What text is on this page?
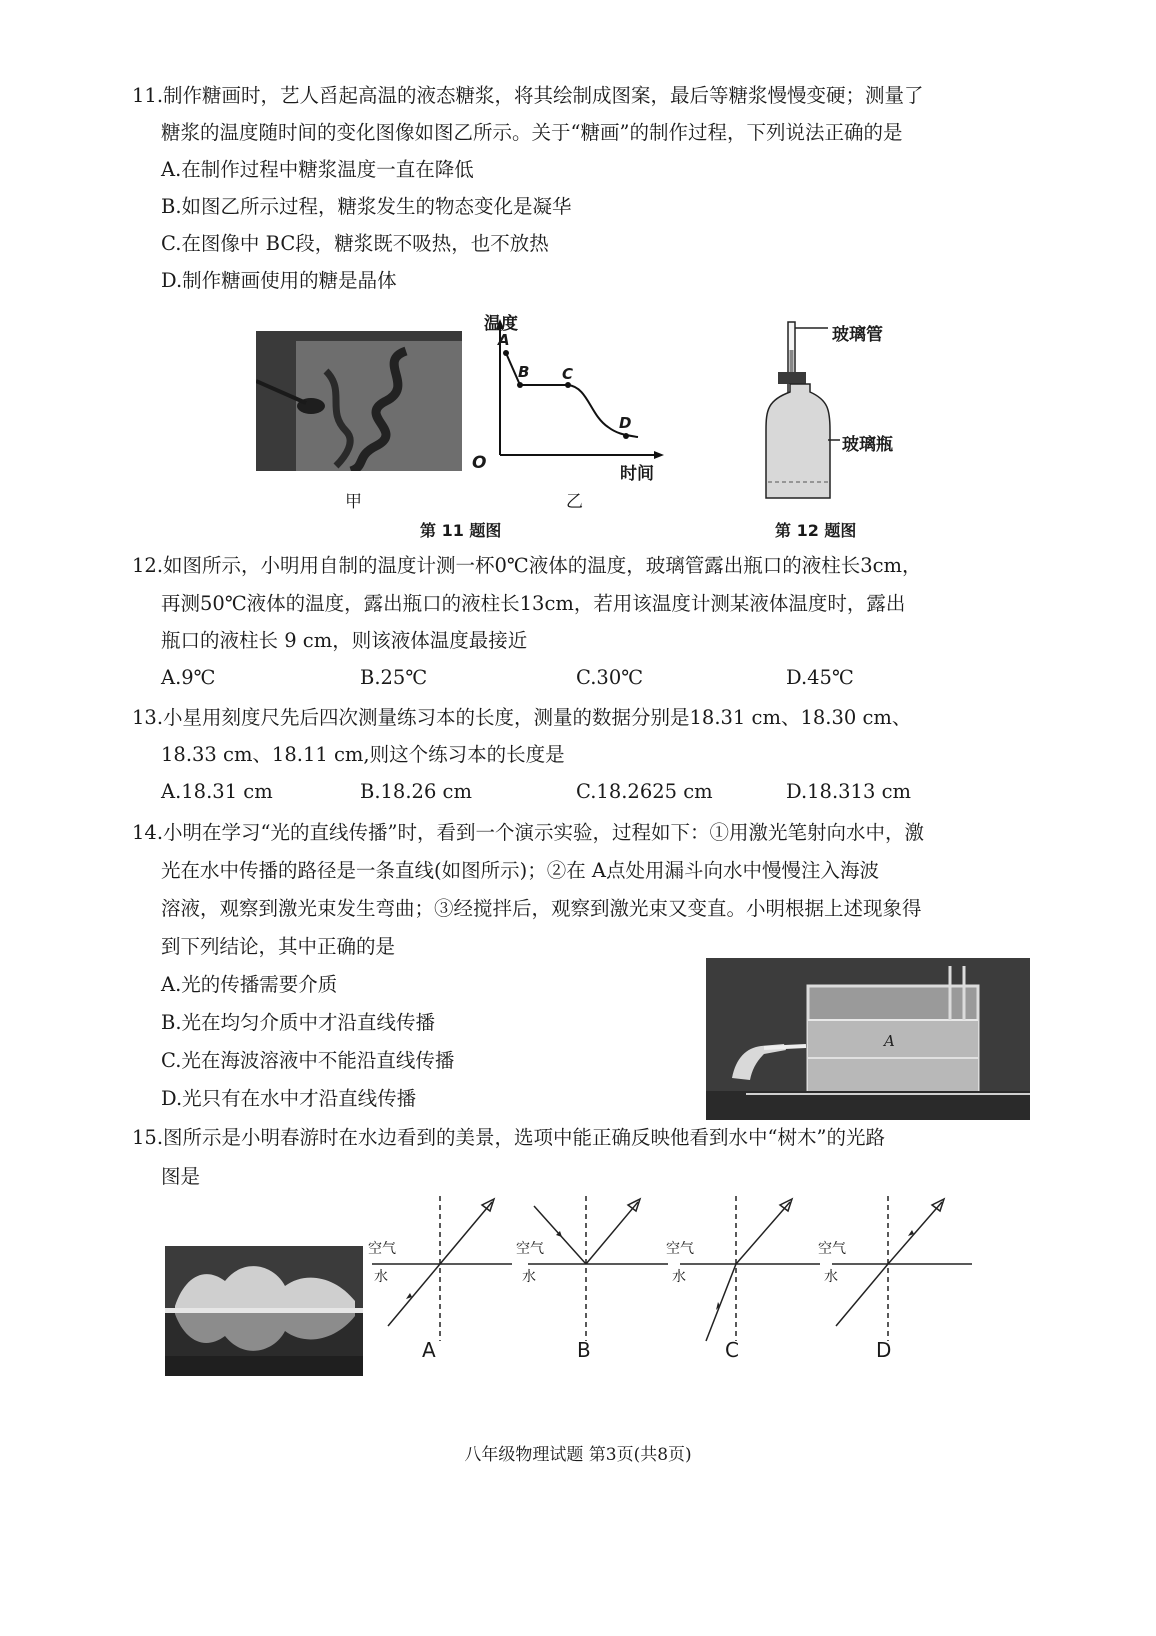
11.制作糖画时，艺人舀起高温的液态糖浆，将其绘制成图案，最后等糖浆慢慢变硬；测量了
糖浆的温度随时间的变化图像如图乙所示。关于“糖画”的制作过程，下列说法正确的是
A.在制作过程中糖浆温度一直在降低
B.如图乙所示过程，糖浆发生的物态变化是凝华
C.在图像中 BC段，糖浆既不吸热，也不放热
D.制作糖画使用的糖是晶体
甲
温度
时间
O
A
B C
D
乙
第 11 题图
玻璃管
玻璃瓶
第 12 题图
12.如图所示，小明用自制的温度计测一杯0℃液体的温度，玻璃管露出瓶口的液柱长3cm，
再测50℃液体的温度，露出瓶口的液柱长13cm，若用该温度计测某液体温度时，露出
瓶口的液柱长 9 cm，则该液体温度最接近
A.9℃	B.25℃	C.30℃	D.45℃
13.小星用刻度尺先后四次测量练习本的长度，测量的数据分别是18.31 cm、18.30 cm、
18.33 cm、18.11 cm,则这个练习本的长度是
A.18.31 cm	B.18.26 cm	C.18.2625 cm	D.18.313 cm
14.小明在学习“光的直线传播”时，看到一个演示实验，过程如下：①用激光笔射向水中，激
光在水中传播的路径是一条直线(如图所示)；②在 A点处用漏斗向水中慢慢注入海波
溶液，观察到激光束发生弯曲；③经搅拌后，观察到激光束又变直。小明根据上述现象得
到下列结论，其中正确的是
A.光的传播需要介质
B.光在均匀介质中才沿直线传播
C.光在海波溶液中不能沿直线传播
D.光只有在水中才沿直线传播
A
15.图所示是小明春游时在水边看到的美景，选项中能正确反映他看到水中“树木”的光路
图是
空气
水
A
空气
水
B
空气
水
C
空气
水
D
八年级物理试题 第3页(共8页)
